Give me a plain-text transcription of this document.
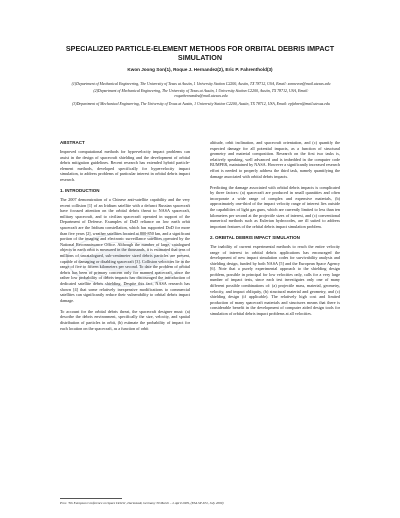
SPECIALIZED PARTICLE-ELEMENT METHODS FOR ORBITAL DEBRIS IMPACT SIMULATION
Kwon Joong Son(1), Roque J. Hernandez(2), Eric P. Fahrenthold(3)

(1)Department of Mechanical Engineering, The University of Texas at Austin, 1 University Station C2200, Austin, TX 78712, USA, Email: sonnevon@mail.utexas.edu

(2)Department of Mechanical Engineering, The University of Texas at Austin, 1 University Station C2200, Austin, TX 78712, USA, Email: roquehernandez@mail.utexas.edu

(3)Department of Mechanical Engineering, The University of Texas at Austin, 1 University Station C2200, Austin, TX 78712, USA, Email: epfahren@mail.utexas.edu

ABSTRACT

Improved computational methods for hypervelocity impact problems can assist in the design of spacecraft shielding and the development of orbital debris mitigation guidelines. Recent research has extended hybrid particle-element methods, developed specifically for hypervelocity impact simulation, to address problems of particular interest in orbital debris impact research.

1. INTRODUCTION

The 2007 demonstration of a Chinese anti-satellite capability and the very recent collision [1] of an Iridium satellite with a defunct Russian spacecraft have focused attention on the orbital debris threat to NASA spacecraft, military spacecraft, and to civilian spacecraft operated in support of the Department of Defense. Examples of DoD reliance on low earth orbit spacecraft are the Iridium constellation, which has supported DoD for more than five years [2], weather satellites located at 800-850 km, and a significant portion of the imaging and electronic surveillance satellites operated by the National Reconnaissance Office. Although the number of large, catalogued objects in earth orbit is measured in the thousands, it is estimated that tens of millions of uncatalogued, sub-centimeter sized debris particles are present, capable of damaging or disabling spacecraft [3]. Collision velocities lie in the range of five to fifteen kilometers per second. To date the problem of orbital debris has been of primary concern only for manned spacecraft, since the rather low probability of debris impacts has discouraged the introduction of dedicated satellite debris shielding. Despite this fact, NASA research has shown [4] that some relatively inexpensive modifications to commercial satellites can significantly reduce their vulnerability to orbital debris impact damage.

To account for the orbital debris threat, the spacecraft designer must: (a) describe the debris environment, specifically the size, velocity, and spatial distribution of particles in orbit, (b) estimate the probability of impact for each location on the spacecraft, as a function of orbit

altitude, orbit inclination, and spacecraft orientation, and (c) quantify the expected damage for all potential impacts, as a function of structural geometry and material composition. Research on the first two tasks is, relatively speaking, well advanced and is imbedded in the computer code BUMPER, maintained by NASA. However a significantly increased research effort is needed to properly address the third task, namely quantifying the damage associated with orbital debris impacts.

Predicting the damage associated with orbital debris impacts is complicated by three factors: (a) spacecraft are produced in small quantities and often incorporate a wide range of complex and expensive materials, (b) approximately one-third of the impact velocity range of interest lies outside the capabilities of light gas guns, which are currently limited to less than ten kilometers per second at the projectile sizes of interest, and (c) conventional numerical methods such as Eulerian hydrocodes, are ill suited to address important features of the orbital debris impact simulation problem.

2. ORBITAL DEBRIS IMPACT SIMULATION

The inability of current experimental methods to reach the entire velocity range of interest in orbital debris applications has encouraged the development of new impact simulation codes for survivability analysis and shielding design, funded by both NASA [5] and the European Space Agency [6]. Note that a purely experimental approach to the shielding design problem, possible in principal for low velocities only, calls for a very large number of impact tests, since each test investigates only one of many different possible combinations of: (a) projectile mass, material, geometry, velocity, and impact obliquity, (b) structural material and geometry, and (c) shielding design (if applicable). The relatively high cost and limited production of many spacecraft materials and structures means that there is considerable benefit in the development of computer aided design tools for simulation of orbital debris impact problems at all velocities.

Proc. '5th European Conference on Space Debris', Darmstadt, Germany 30 March – 2 April 2009, (ESA SP-672, July 2009)
